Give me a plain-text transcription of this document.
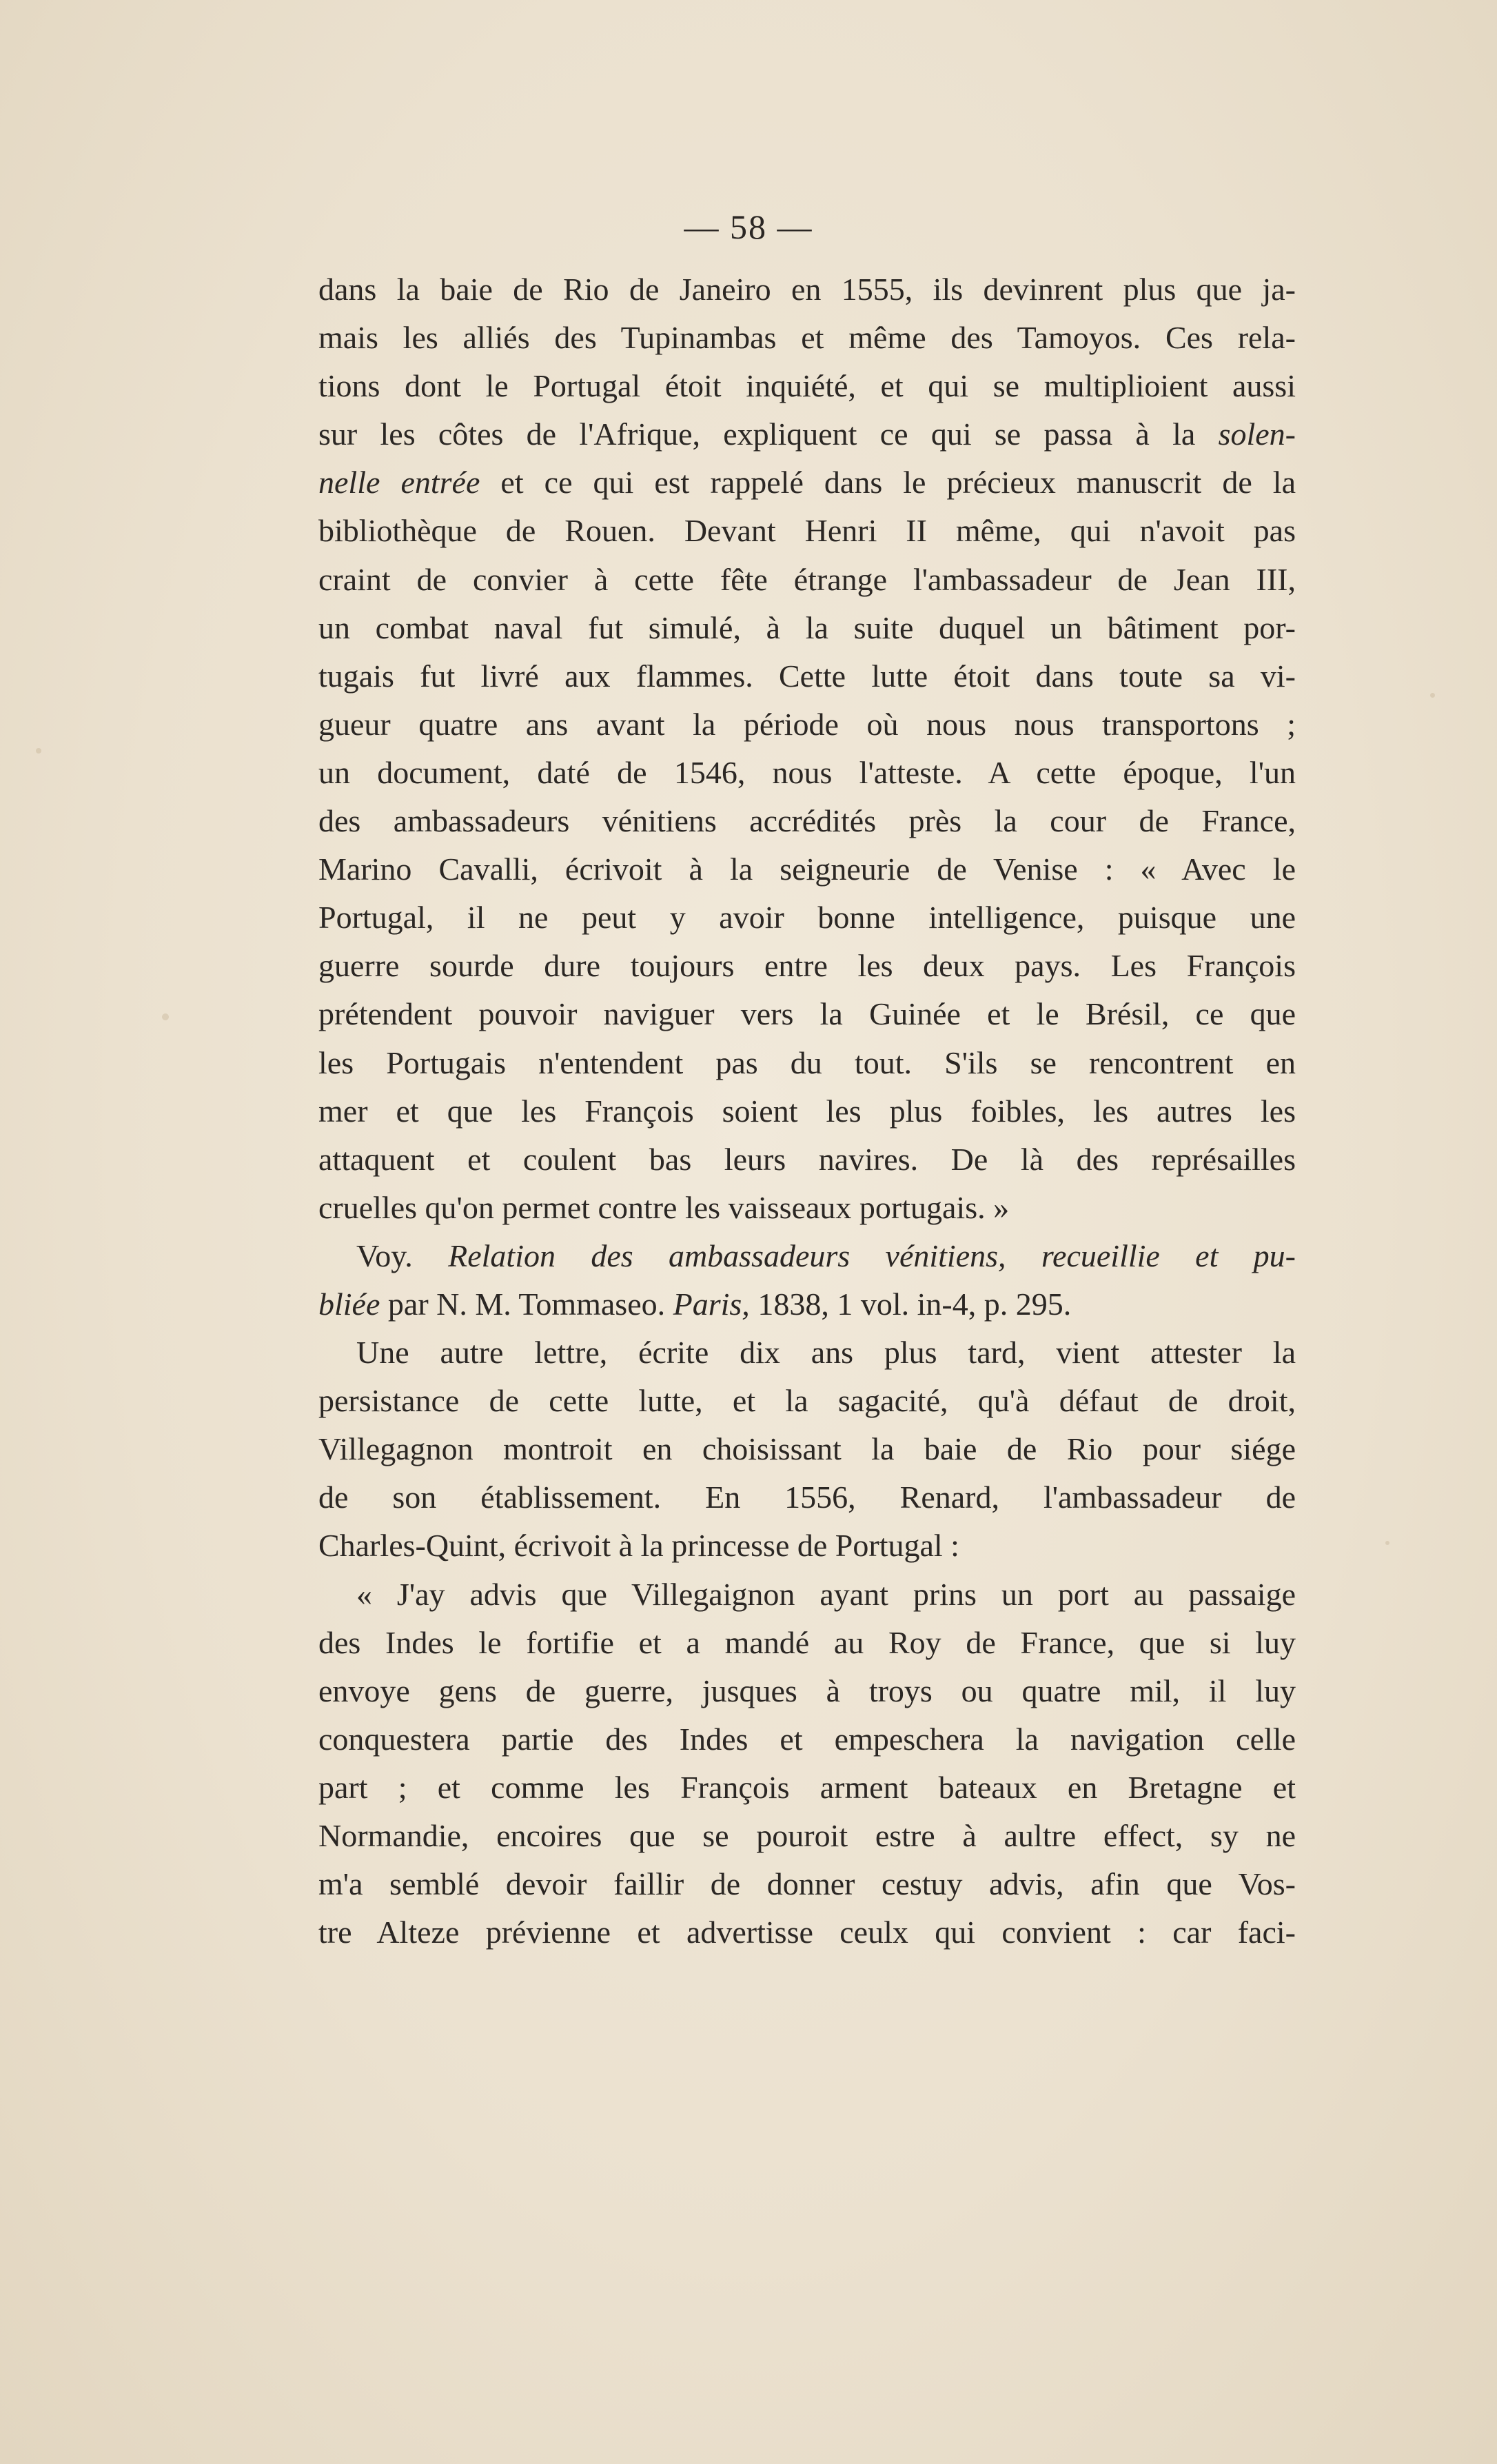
— 58 —
dans la baie de Rio de Janeiro en 1555, ils devinrent plus que ja-
mais les alliés des Tupinambas et même des Tamoyos. Ces rela-
tions dont le Portugal étoit inquiété, et qui se multiplioient aussi
sur les côtes de l'Afrique, expliquent ce qui se passa à la solen-
nelle entrée et ce qui est rappelé dans le précieux manuscrit de la
bibliothèque de Rouen. Devant Henri II même, qui n'avoit pas
craint de convier à cette fête étrange l'ambassadeur de Jean III,
un combat naval fut simulé, à la suite duquel un bâtiment por-
tugais fut livré aux flammes. Cette lutte étoit dans toute sa vi-
gueur quatre ans avant la période où nous nous transportons ;
un document, daté de 1546, nous l'atteste. A cette époque, l'un
des ambassadeurs vénitiens accrédités près la cour de France,
Marino Cavalli, écrivoit à la seigneurie de Venise : « Avec le
Portugal, il ne peut y avoir bonne intelligence, puisque une
guerre sourde dure toujours entre les deux pays. Les François
prétendent pouvoir naviguer vers la Guinée et le Brésil, ce que
les Portugais n'entendent pas du tout. S'ils se rencontrent en
mer et que les François soient les plus foibles, les autres les
attaquent et coulent bas leurs navires. De là des représailles
cruelles qu'on permet contre les vaisseaux portugais. »
Voy. Relation des ambassadeurs vénitiens, recueillie et pu-
bliée par N. M. Tommaseo. Paris, 1838, 1 vol. in-4, p. 295.
Une autre lettre, écrite dix ans plus tard, vient attester la
persistance de cette lutte, et la sagacité, qu'à défaut de droit,
Villegagnon montroit en choisissant la baie de Rio pour siége
de son établissement. En 1556, Renard, l'ambassadeur de
Charles-Quint, écrivoit à la princesse de Portugal :
« J'ay advis que Villegaignon ayant prins un port au passaige
des Indes le fortifie et a mandé au Roy de France, que si luy
envoye gens de guerre, jusques à troys ou quatre mil, il luy
conquestera partie des Indes et empeschera la navigation celle
part ; et comme les François arment bateaux en Bretagne et
Normandie, encoires que se pouroit estre à aultre effect, sy ne
m'a semblé devoir faillir de donner cestuy advis, afin que Vos-
tre Alteze prévienne et advertisse ceulx qui convient : car faci-
